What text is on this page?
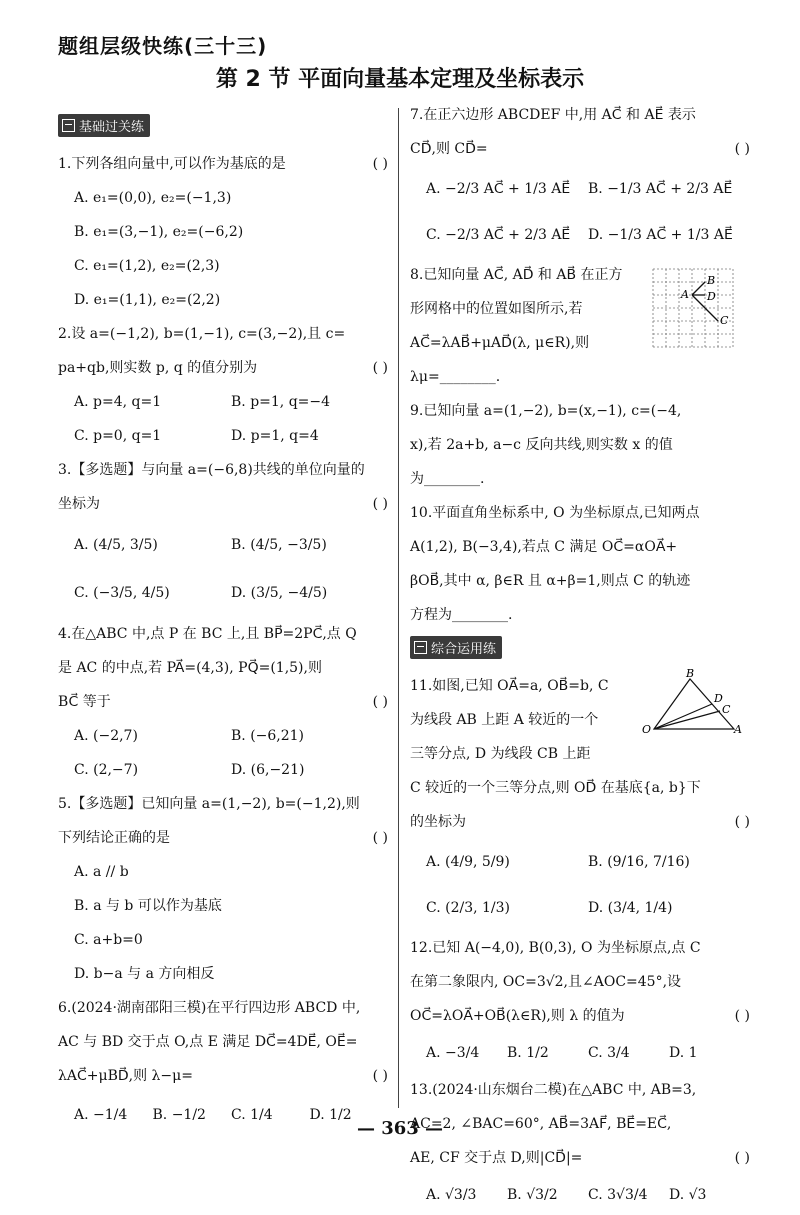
题组层级快练(三十三)
第 2 节 平面向量基本定理及坐标表示
基础过关练
1.下列各组向量中,可以作为基底的是	( )
A. e₁=(0,0), e₂=(−1,3)
B. e₁=(3,−1), e₂=(−6,2)
C. e₁=(1,2), e₂=(2,3)
D. e₁=(1,1), e₂=(2,2)
2.设 a=(−1,2), b=(1,−1), c=(3,−2),且 c=
pa+qb,则实数 p, q 的值分别为	( )
A. p=4, q=1	B. p=1, q=−4
C. p=0, q=1	D. p=1, q=4
3.【多选题】与向量 a=(−6,8)共线的单位向量的
坐标为	( )
A. (4/5, 3/5)	B. (4/5, −3/5)
C. (−3/5, 4/5)	D. (3/5, −4/5)
4.在△ABC 中,点 P 在 BC 上,且 BP⃗=2PC⃗,点 Q
是 AC 的中点,若 PA⃗=(4,3), PQ⃗=(1,5),则
BC⃗ 等于	( )
A. (−2,7)	B. (−6,21)
C. (2,−7)	D. (6,−21)
5.【多选题】已知向量 a=(1,−2), b=(−1,2),则
下列结论正确的是	( )
A. a // b
B. a 与 b 可以作为基底
C. a+b=0
D. b−a 与 a 方向相反
6.(2024·湖南邵阳三模)在平行四边形 ABCD 中,
AC 与 BD 交于点 O,点 E 满足 DC⃗=4DE⃗, OE⃗=
λAC⃗+μBD⃗,则 λ−μ=	( )
A. −1/4	B. −1/2	C. 1/4	D. 1/2
7.在正六边形 ABCDEF 中,用 AC⃗ 和 AE⃗ 表示
CD⃗,则 CD⃗=	( )
A. −2/3 AC⃗ + 1/3 AE⃗	B. −1/3 AC⃗ + 2/3 AE⃗
C. −2/3 AC⃗ + 2/3 AE⃗	D. −1/3 AC⃗ + 1/3 AE⃗
8.已知向量 AC⃗, AD⃗ 和 AB⃗ 在正方
形网格中的位置如图所示,若
AC⃗=λAB⃗+μAD⃗(λ, μ∈R),则
λμ=________.
B
A D
C
9.已知向量 a=(1,−2), b=(x,−1), c=(−4,
x),若 2a+b, a−c 反向共线,则实数 x 的值
为________.
10.平面直角坐标系中, O 为坐标原点,已知两点
A(1,2), B(−3,4),若点 C 满足 OC⃗=αOA⃗+
βOB⃗,其中 α, β∈R 且 α+β=1,则点 C 的轨迹
方程为________.
综合运用练
11.如图,已知 OA⃗=a, OB⃗=b, C
为线段 AB 上距 A 较近的一个
三等分点, D 为线段 CB 上距
C 较近的一个三等分点,则 OD⃗ 在基底{a, b}下
的坐标为	( )
A. (4/9, 5/9)	B. (9/16, 7/16)
C. (2/3, 1/3)	D. (3/4, 1/4)
B
D
C
O	A
12.已知 A(−4,0), B(0,3), O 为坐标原点,点 C
在第二象限内, OC=3√2,且∠AOC=45°,设
OC⃗=λOA⃗+OB⃗(λ∈R),则 λ 的值为	( )
A. −3/4	B. 1/2	C. 3/4	D. 1
13.(2024·山东烟台二模)在△ABC 中, AB=3,
AC=2, ∠BAC=60°, AB⃗=3AF⃗, BE⃗=EC⃗,
AE, CF 交于点 D,则|CD⃗|=	( )
A. √3/3	B. √3/2	C. 3√3/4	D. √3
— 363 —
